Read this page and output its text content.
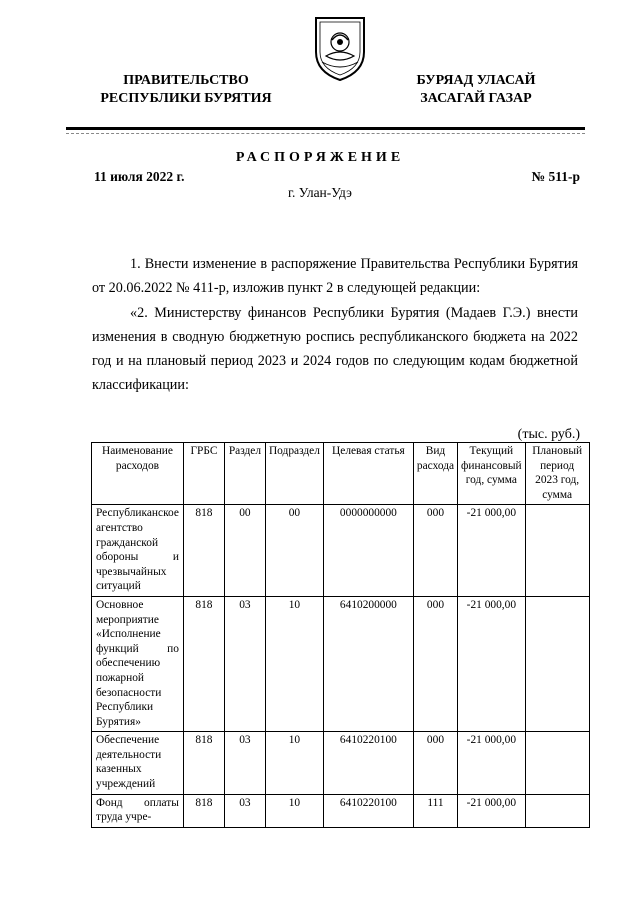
ПРАВИТЕЛЬСТВО
РЕСПУБЛИКИ БУРЯТИЯ
БУРЯАД УЛАСАЙ
ЗАСАГАЙ ГАЗАР
РАСПОРЯЖЕНИЕ
11 июля 2022 г.	№ 511-р
г. Улан-Удэ
1. Внести изменение в распоряжение Правительства Республики Бурятия от 20.06.2022 № 411-р, изложив пункт 2 в следующей редакции:
«2. Министерству финансов Республики Бурятия (Мадаев Г.Э.) внести изменения в сводную бюджетную роспись республиканского бюджета на 2022 год и на плановый период 2023 и 2024 годов по следующим кодам бюджетной классификации:
(тыс. руб.)
Наименование расходов	ГРБС	Раздел	Подраздел	Целевая статья	Вид расхода	Текущий финансовый год, сумма	Плановый период 2023 год, сумма
Республиканское агентство гражданской обороны и чрезвычайных ситуаций	818	00	00	0000000000	000	-21 000,00	
Основное мероприятие «Исполнение функций по обеспечению пожарной безопасности Республики Бурятия»	818	03	10	6410200000	000	-21 000,00	
Обеспечение деятельности казенных учреждений	818	03	10	6410220100	000	-21 000,00	
Фонд оплаты труда учре-	818	03	10	6410220100	111	-21 000,00	
